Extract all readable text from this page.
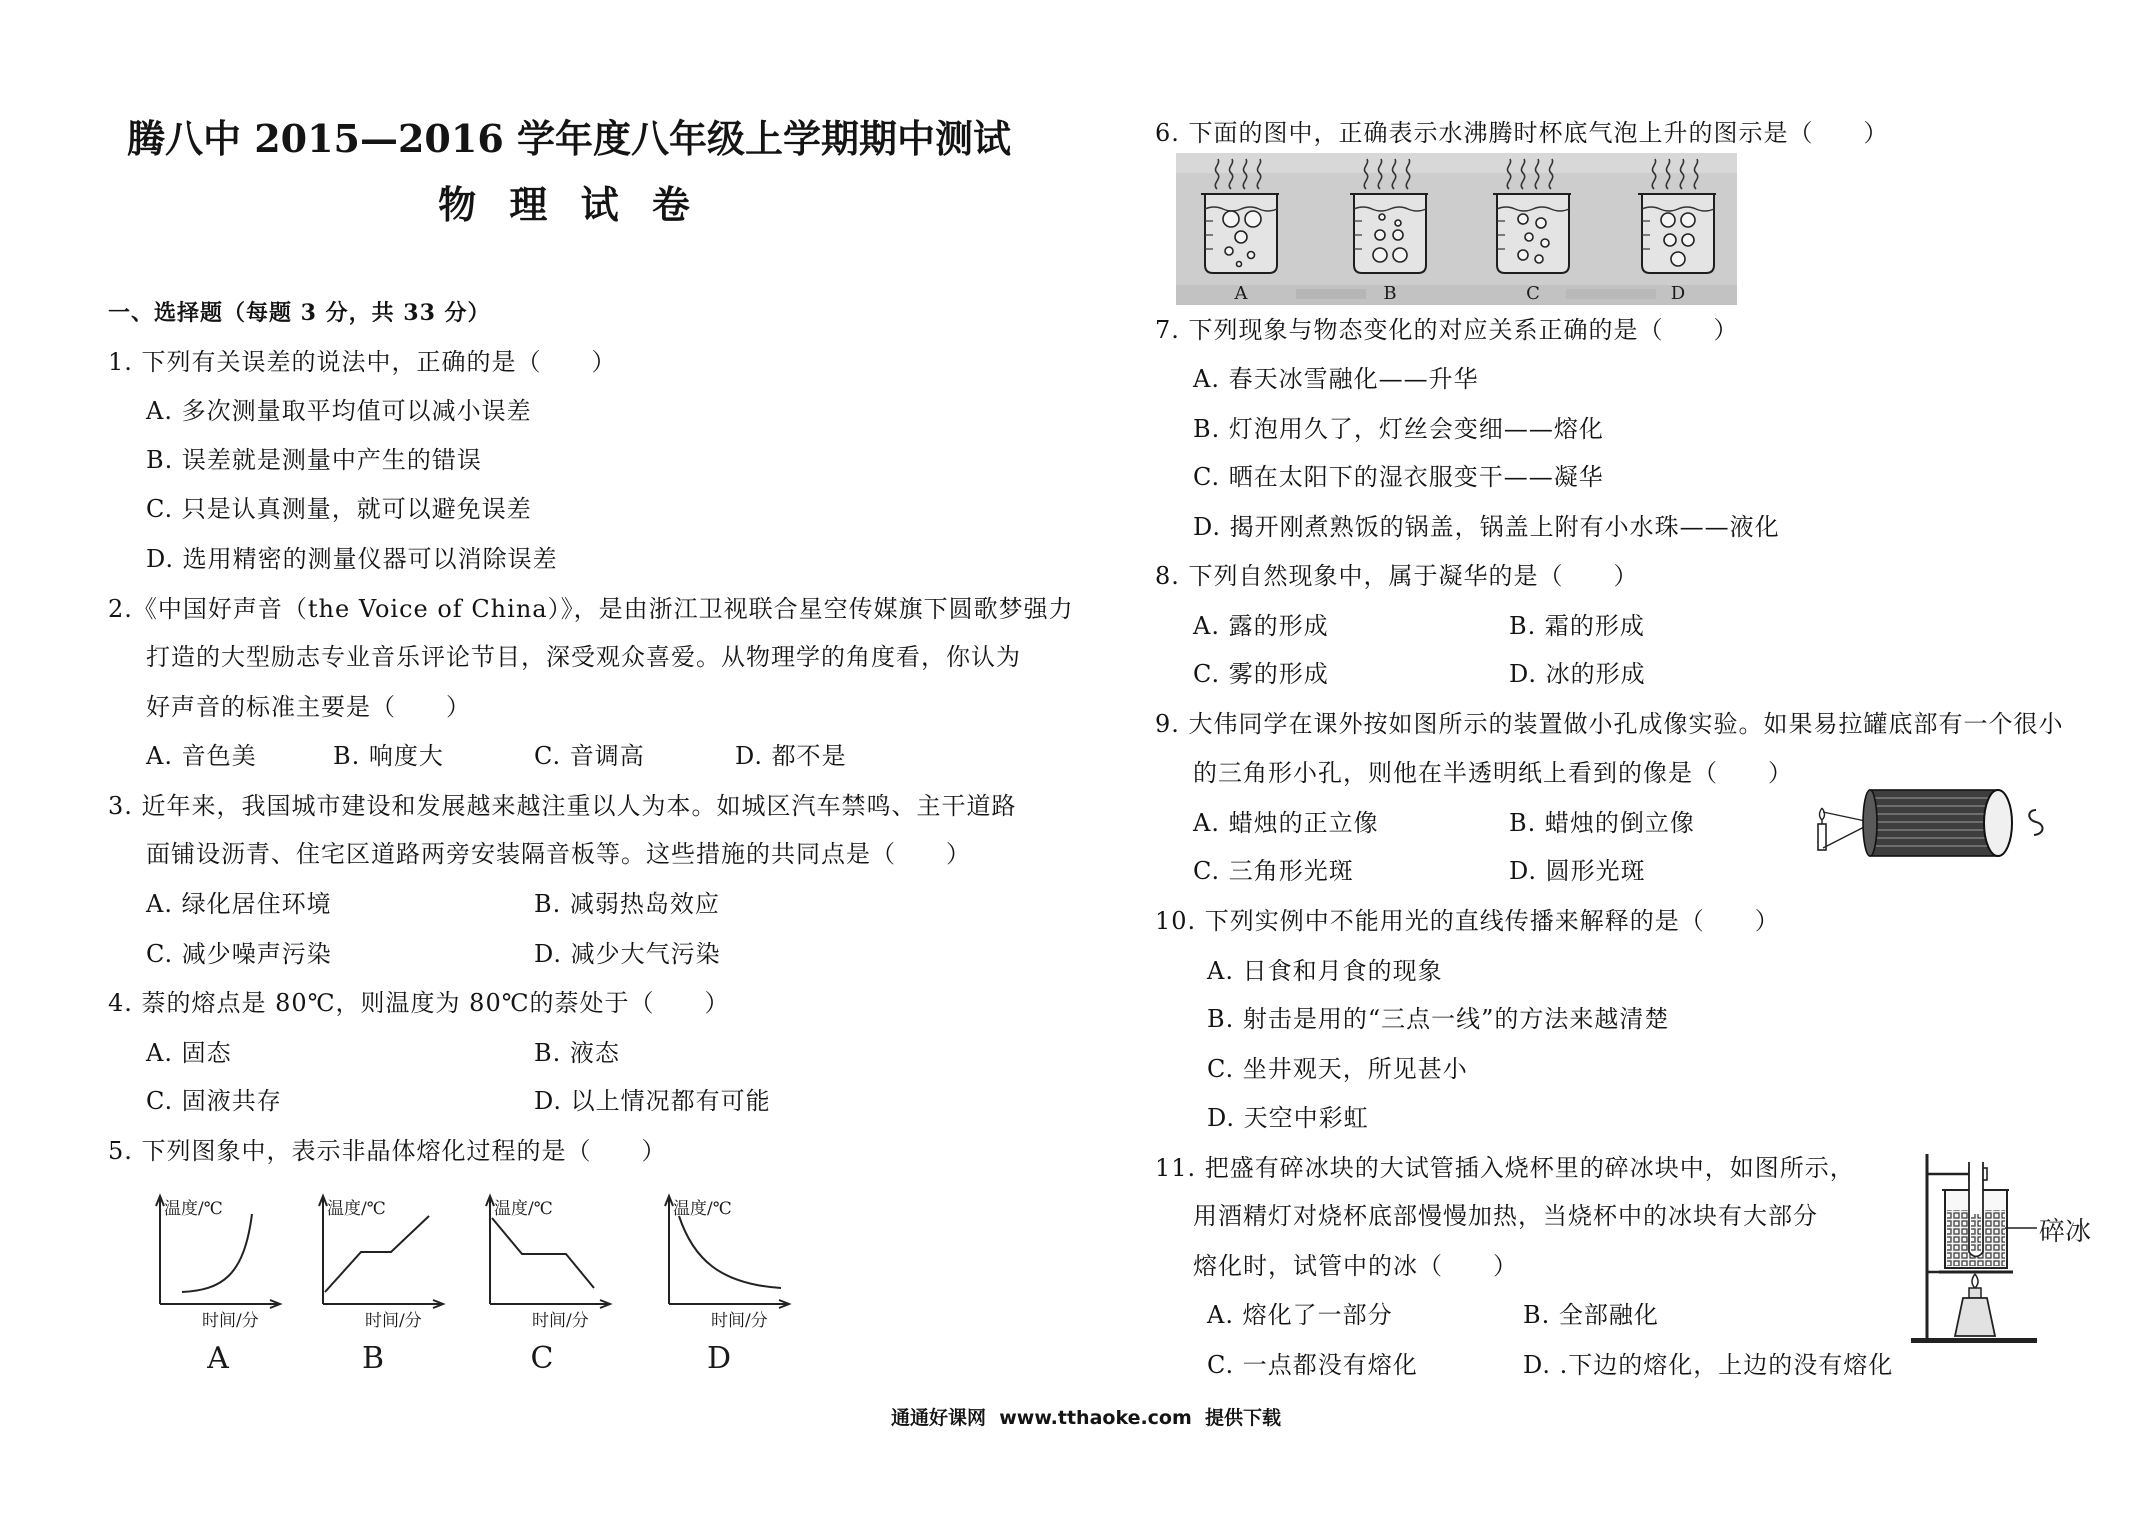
腾八中 2015—2016 学年度八年级上学期期中测试
物 理 试 卷
一、选择题（每题 3 分，共 33 分）
1. 下列有关误差的说法中，正确的是（　　）
A. 多次测量取平均值可以减小误差
B. 误差就是测量中产生的错误
C. 只是认真测量，就可以避免误差
D. 选用精密的测量仪器可以消除误差
2.《中国好声音（the Voice of China）》，是由浙江卫视联合星空传媒旗下圆歌梦强力
打造的大型励志专业音乐评论节目，深受观众喜爱。从物理学的角度看，你认为
好声音的标准主要是（　　）
A. 音色美	B. 响度大	C. 音调高	D. 都不是
3. 近年来，我国城市建设和发展越来越注重以人为本。如城区汽车禁鸣、主干道路
面铺设沥青、住宅区道路两旁安装隔音板等。这些措施的共同点是（　　）
A. 绿化居住环境	B. 减弱热岛效应
C. 减少噪声污染	D. 减少大气污染
4. 萘的熔点是 80℃，则温度为 80℃的萘处于（　　）
A. 固态	B. 液态
C. 固液共存	D. 以上情况都有可能
5. 下列图象中，表示非晶体熔化过程的是（　　）
温度/℃
时间/分
A
温度/℃
时间/分
B
温度/℃
时间/分
C
温度/℃
时间/分
D
6. 下面的图中，正确表示水沸腾时杯底气泡上升的图示是（　　）
A	B	C	D
7. 下列现象与物态变化的对应关系正确的是（　　）
A. 春天冰雪融化——升华
B. 灯泡用久了，灯丝会变细——熔化
C. 晒在太阳下的湿衣服变干——凝华
D. 揭开刚煮熟饭的锅盖，锅盖上附有小水珠——液化
8. 下列自然现象中，属于凝华的是（　　）
A. 露的形成	B. 霜的形成
C. 雾的形成	D. 冰的形成
9. 大伟同学在课外按如图所示的装置做小孔成像实验。如果易拉罐底部有一个很小
的三角形小孔，则他在半透明纸上看到的像是（　　）
A. 蜡烛的正立像	B. 蜡烛的倒立像
C. 三角形光斑	D. 圆形光斑
10. 下列实例中不能用光的直线传播来解释的是（　　）
A. 日食和月食的现象
B. 射击是用的“三点一线”的方法来越清楚
C. 坐井观天，所见甚小
D. 天空中彩虹
11. 把盛有碎冰块的大试管插入烧杯里的碎冰块中，如图所示，
用酒精灯对烧杯底部慢慢加热，当烧杯中的冰块有大部分
熔化时，试管中的冰（　　）
A. 熔化了一部分	B. 全部融化
C. 一点都没有熔化	D. .下边的熔化，上边的没有熔化
碎冰
通通好课网  www.tthaoke.com  提供下载
